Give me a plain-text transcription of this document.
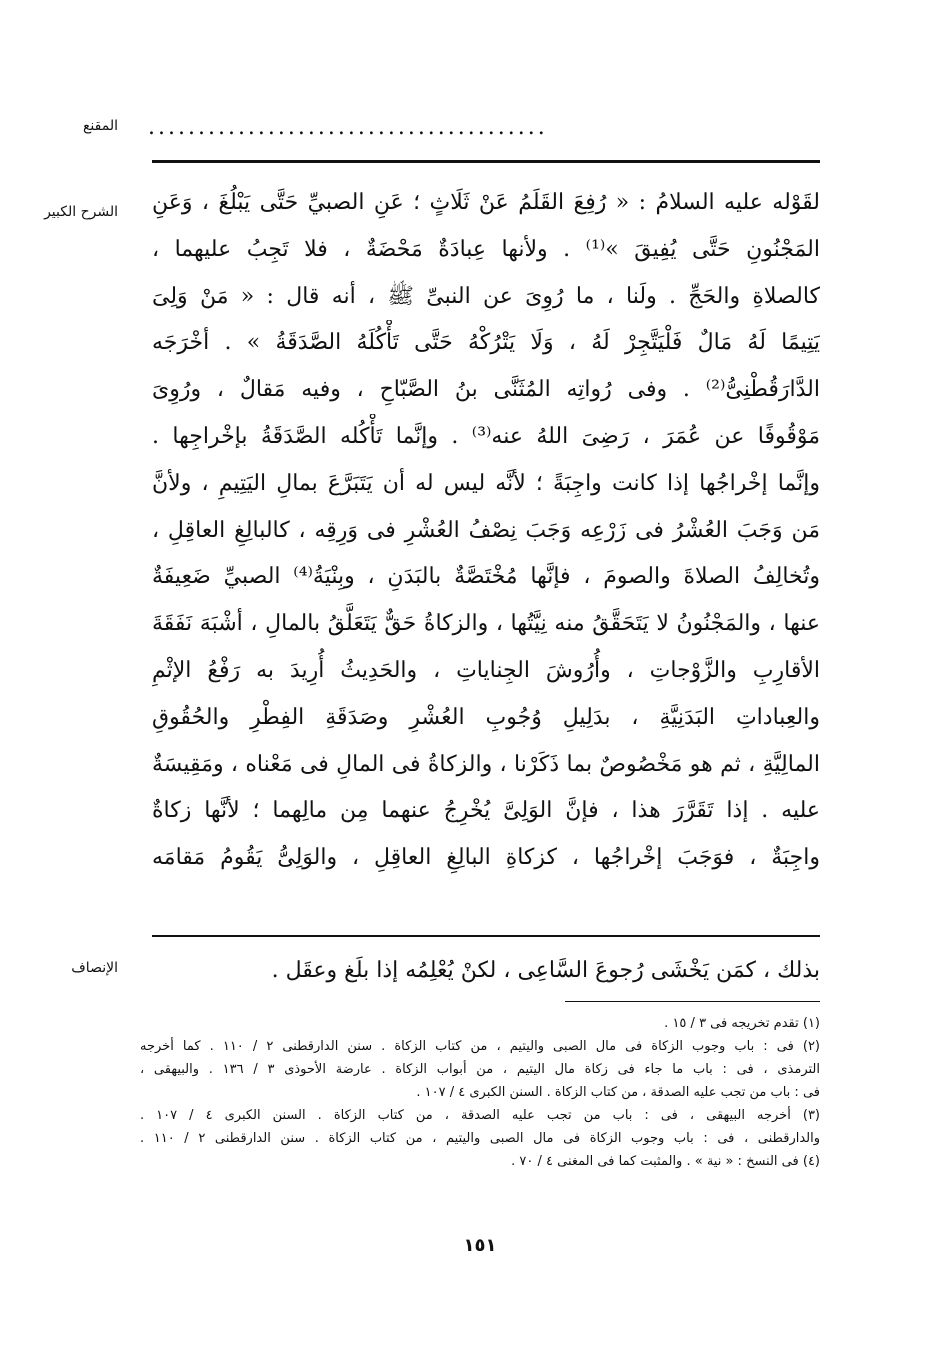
المقنع ........................................
الشرح الكبير لقَوْله عليه السلامُ : « رُفِعَ القَلَمُ عَنْ ثَلَاثٍ ؛ عَنِ الصبيِّ حَتَّى يَبْلُغَ ، وَعَنِ
المَجْنُونِ حَتَّى يُفِيقَ »⁽¹⁾ . ولأنها عِبادَةٌ مَحْضَةٌ ، فلا تَجِبُ عليهما ،
كالصلاةِ والحَجِّ . ولَنا ، ما رُوِىَ عن النبىِّ ﷺ ، أنه قال : « مَنْ وَلِىَ
يَتِيمًا لَهُ مَالٌ فَلْيَتَّجِرْ لَهُ ، وَلَا يَتْرُكْهُ حَتَّى تَأْكُلَهُ الصَّدَقَةُ » . أخْرَجَه
الدَّارَقُطْنِىُّ⁽²⁾ . وفى رُواتِه المُثَنَّى بنُ الصَّبّاحِ ، وفيه مَقالٌ ، ورُوِىَ
مَوْقُوفًا عن عُمَرَ ، رَضِىَ اللهُ عنه⁽³⁾ . وإنَّما تَأْكُله الصَّدَقَةُ بإخْراجِها .
وإنَّما إخْراجُها إذا كانت واجِبَةً ؛ لأنَّه ليس له أن يَتَبَرَّعَ بمالِ اليَتِيمِ ، ولأنَّ
مَن وَجَبَ العُشْرُ فى زَرْعِه وَجَبَ نِصْفُ العُشْرِ فى وَرِقِه ، كالبالِغِ العاقِلِ ،
وتُخالِفُ الصلاةَ والصومَ ، فإنَّها مُخْتَصَّةٌ بالبَدَنِ ، وبِنْيَةُ⁽⁴⁾ الصبيِّ ضَعِيفَةٌ
عنها ، والمَجْنُونُ لا يَتَحَقَّقُ منه نِيَّتُها ، والزكاةُ حَقٌّ يَتَعَلَّقُ بالمالِ ، أشْبَهَ نَفَقَةَ
الأقارِبِ والزَّوْجاتِ ، وأُرُوشَ الجِناياتِ ، والحَدِيثُ أُرِيدَ به رَفْعُ الإثْمِ
والعِباداتِ البَدَنِيَّةِ ، بدَلِيلِ وُجُوبِ العُشْرِ وصَدَقَةِ الفِطْرِ والحُقُوقِ
المالِيَّةِ ، ثم هو مَخْصُوصٌ بما ذَكَرْنا ، والزكاةُ فى المالِ فى مَعْناه ، ومَقِيسَةٌ
عليه . إذا تَقَرَّرَ هذا ، فإنَّ الوَلِىَّ يُخْرِجُ عنهما مِن مالِهما ؛ لأنَّها زكاةٌ
واجِبَةٌ ، فوَجَبَ إخْراجُها ، كزكاةِ البالِغِ العاقِلِ ، والوَلِىُّ يَقُومُ مَقامَه
الإنصاف	بذلك ، كمَن يَخْشَى رُجوعَ السَّاعِى ، لكنْ يُعْلِمُه إذا بلَغ وعقَل .
(١) تقدم تخريجه فى ٣ / ١٥ .
(٢) فى : باب وجوب الزكاة فى مال الصبى واليتيم ، من كتاب الزكاة . سنن الدارقطنى ٢ / ١١٠ . كما أخرجه
الترمذى ، فى : باب ما جاء فى زكاة مال اليتيم ، من أبواب الزكاة . عارضة الأحوذى ٣ / ١٣٦ . والبيهقى ،
فى : باب من تجب عليه الصدقة ، من كتاب الزكاة . السنن الكبرى ٤ / ١٠٧ .
(٣) أخرجه البيهقى ، فى : باب من تجب عليه الصدقة ، من كتاب الزكاة . السنن الكبرى ٤ / ١٠٧ .
والدارقطنى ، فى : باب وجوب الزكاة فى مال الصبى واليتيم ، من كتاب الزكاة . سنن الدارقطنى ٢ / ١١٠ .
(٤) فى النسخ : « نية » . والمثبت كما فى المغنى ٤ / ٧٠ .
١٥١
